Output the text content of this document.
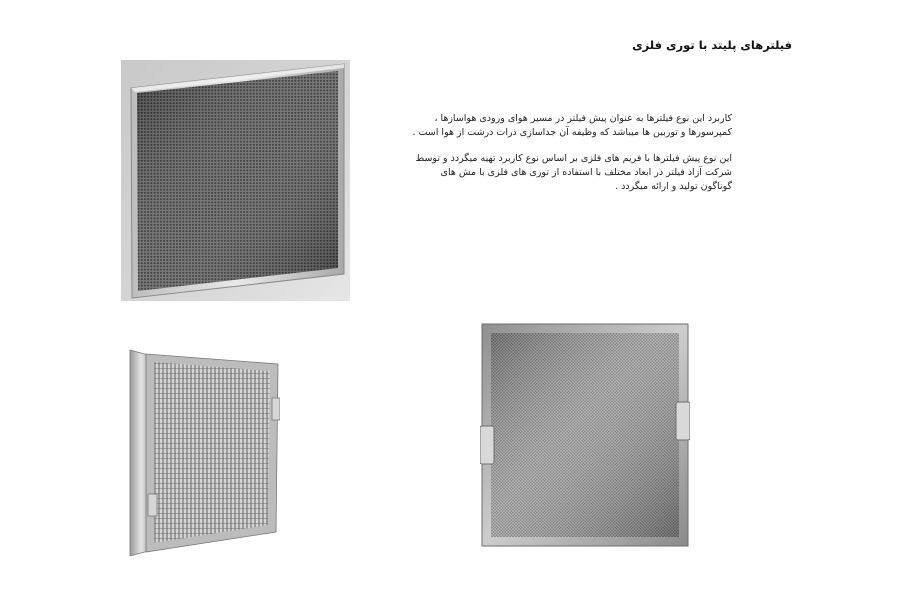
فیلترهای پلیتد با توری فلزی
کاربرد این نوع فیلترها به عنوان پیش فیلتر در مسیر هوای ورودی هواسازها ، کمپرسورها و توربین ها میباشد که وظیفه آن جداسازی ذرات درشت از هوا است .
این نوع پیش فیلترها با فریم های فلزی بر اساس نوع کاربرد تهیه میگردد و توسط شرکت آزاد فیلتر در ابعاد مختلف با استفاده از توری های فلزی با مش های گوناگون تولید و ارائه میگردد .
